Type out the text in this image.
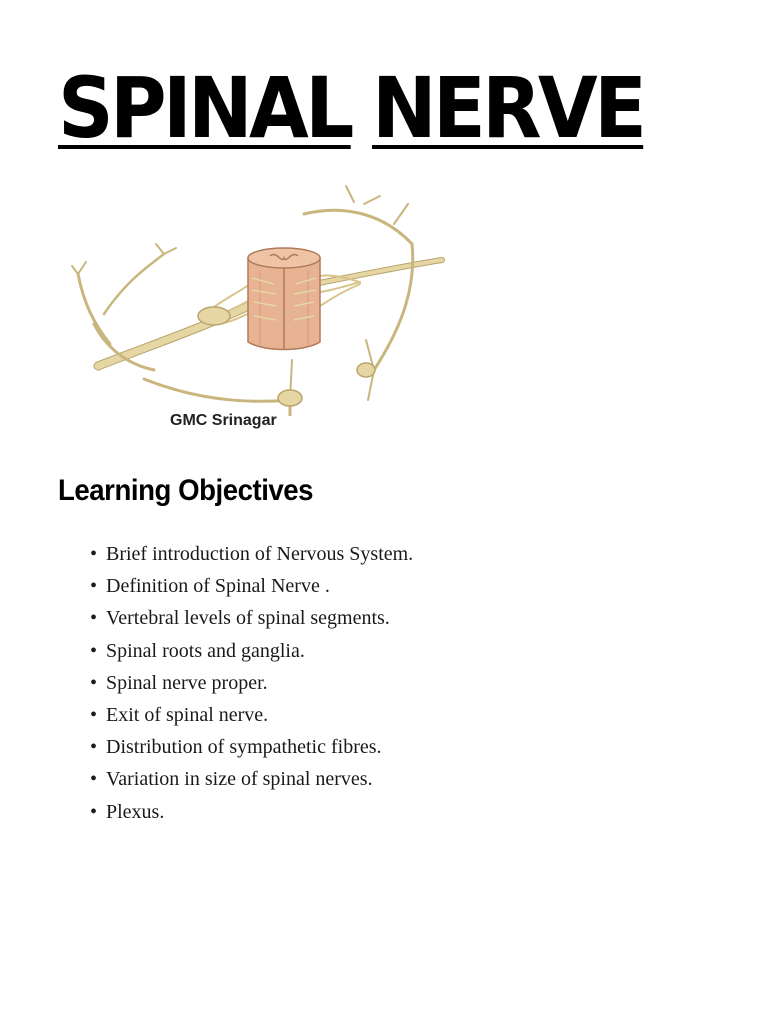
SPINAL NERVE
GMC Srinagar
Learning Objectives
• Brief introduction of Nervous System.
• Definition of Spinal Nerve .
• Vertebral levels of spinal segments.
• Spinal roots and ganglia.
• Spinal nerve proper.
• Exit of spinal nerve.
• Distribution of sympathetic fibres.
• Variation in size of spinal nerves.
• Plexus.
